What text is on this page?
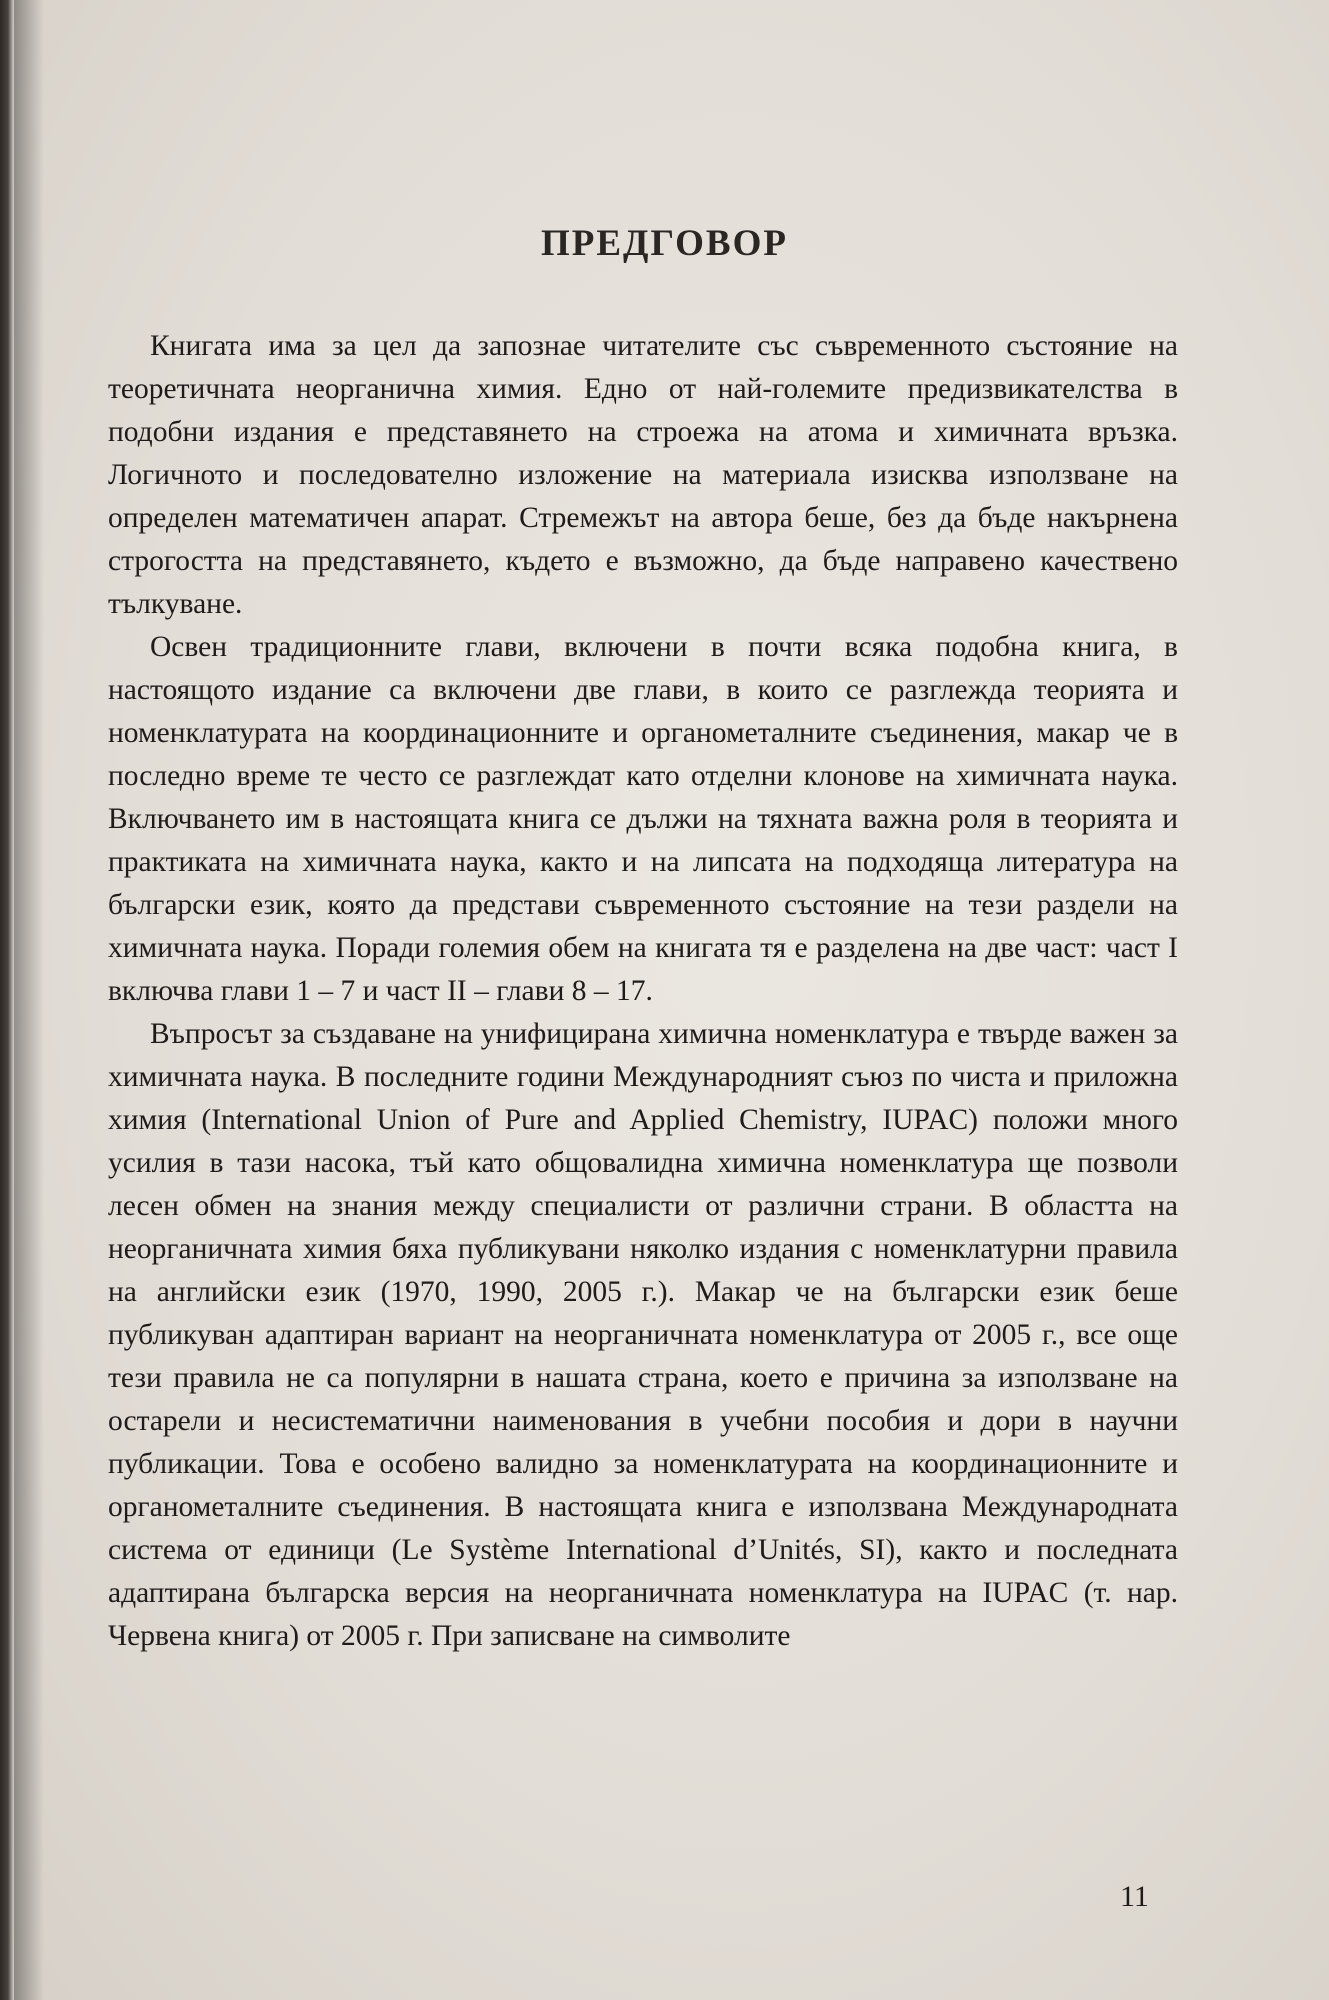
ПРЕДГОВОР

Книгата има за цел да запознае читателите със съвременното състояние на теоретичната неорганична химия. Едно от най-големите предизвикателства в подобни издания е представянето на строежа на атома и химичната връзка. Логичното и последователно изложение на материала изисква използване на определен математичен апарат. Стремежът на автора беше, без да бъде накърнена строгостта на представянето, където е възможно, да бъде направено качествено тълкуване.

Освен традиционните глави, включени в почти всяка подобна книга, в настоящото издание са включени две глави, в които се разглежда теорията и номенклатурата на координационните и органометалните съединения, макар че в последно време те често се разглеждат като отделни клонове на химичната наука. Включването им в настоящата книга се дължи на тяхната важна роля в теорията и практиката на химичната наука, както и на липсата на подходяща литература на български език, която да представи съвременното състояние на тези раздели на химичната наука. Поради големия обем на книгата тя е разделена на две част: част I включва глави 1 – 7 и част II – глави 8 – 17.

Въпросът за създаване на унифицирана химична номенклатура е твърде важен за химичната наука. В последните години Международният съюз по чиста и приложна химия (International Union of Pure and Applied Chemistry, IUPAC) положи много усилия в тази насока, тъй като общовалидна химична номенклатура ще позволи лесен обмен на знания между специалисти от различни страни. В областта на неорганичната химия бяха публикувани няколко издания с номенклатурни правила на английски език (1970, 1990, 2005 г.). Макар че на български език беше публикуван адаптиран вариант на неорганичната номенклатура от 2005 г., все още тези правила не са популярни в нашата страна, което е причина за използване на остарели и несистематични наименования в учебни пособия и дори в научни публикации. Това е особено валидно за номенклатурата на координационните и органометалните съединения. В настоящата книга е използвана Международната система от единици (Le Système International d’Unités, SI), както и последната адаптирана българска версия на неорганичната номенклатура на IUPAC (т. нар. Червена книга) от 2005 г. При записване на символите

11
